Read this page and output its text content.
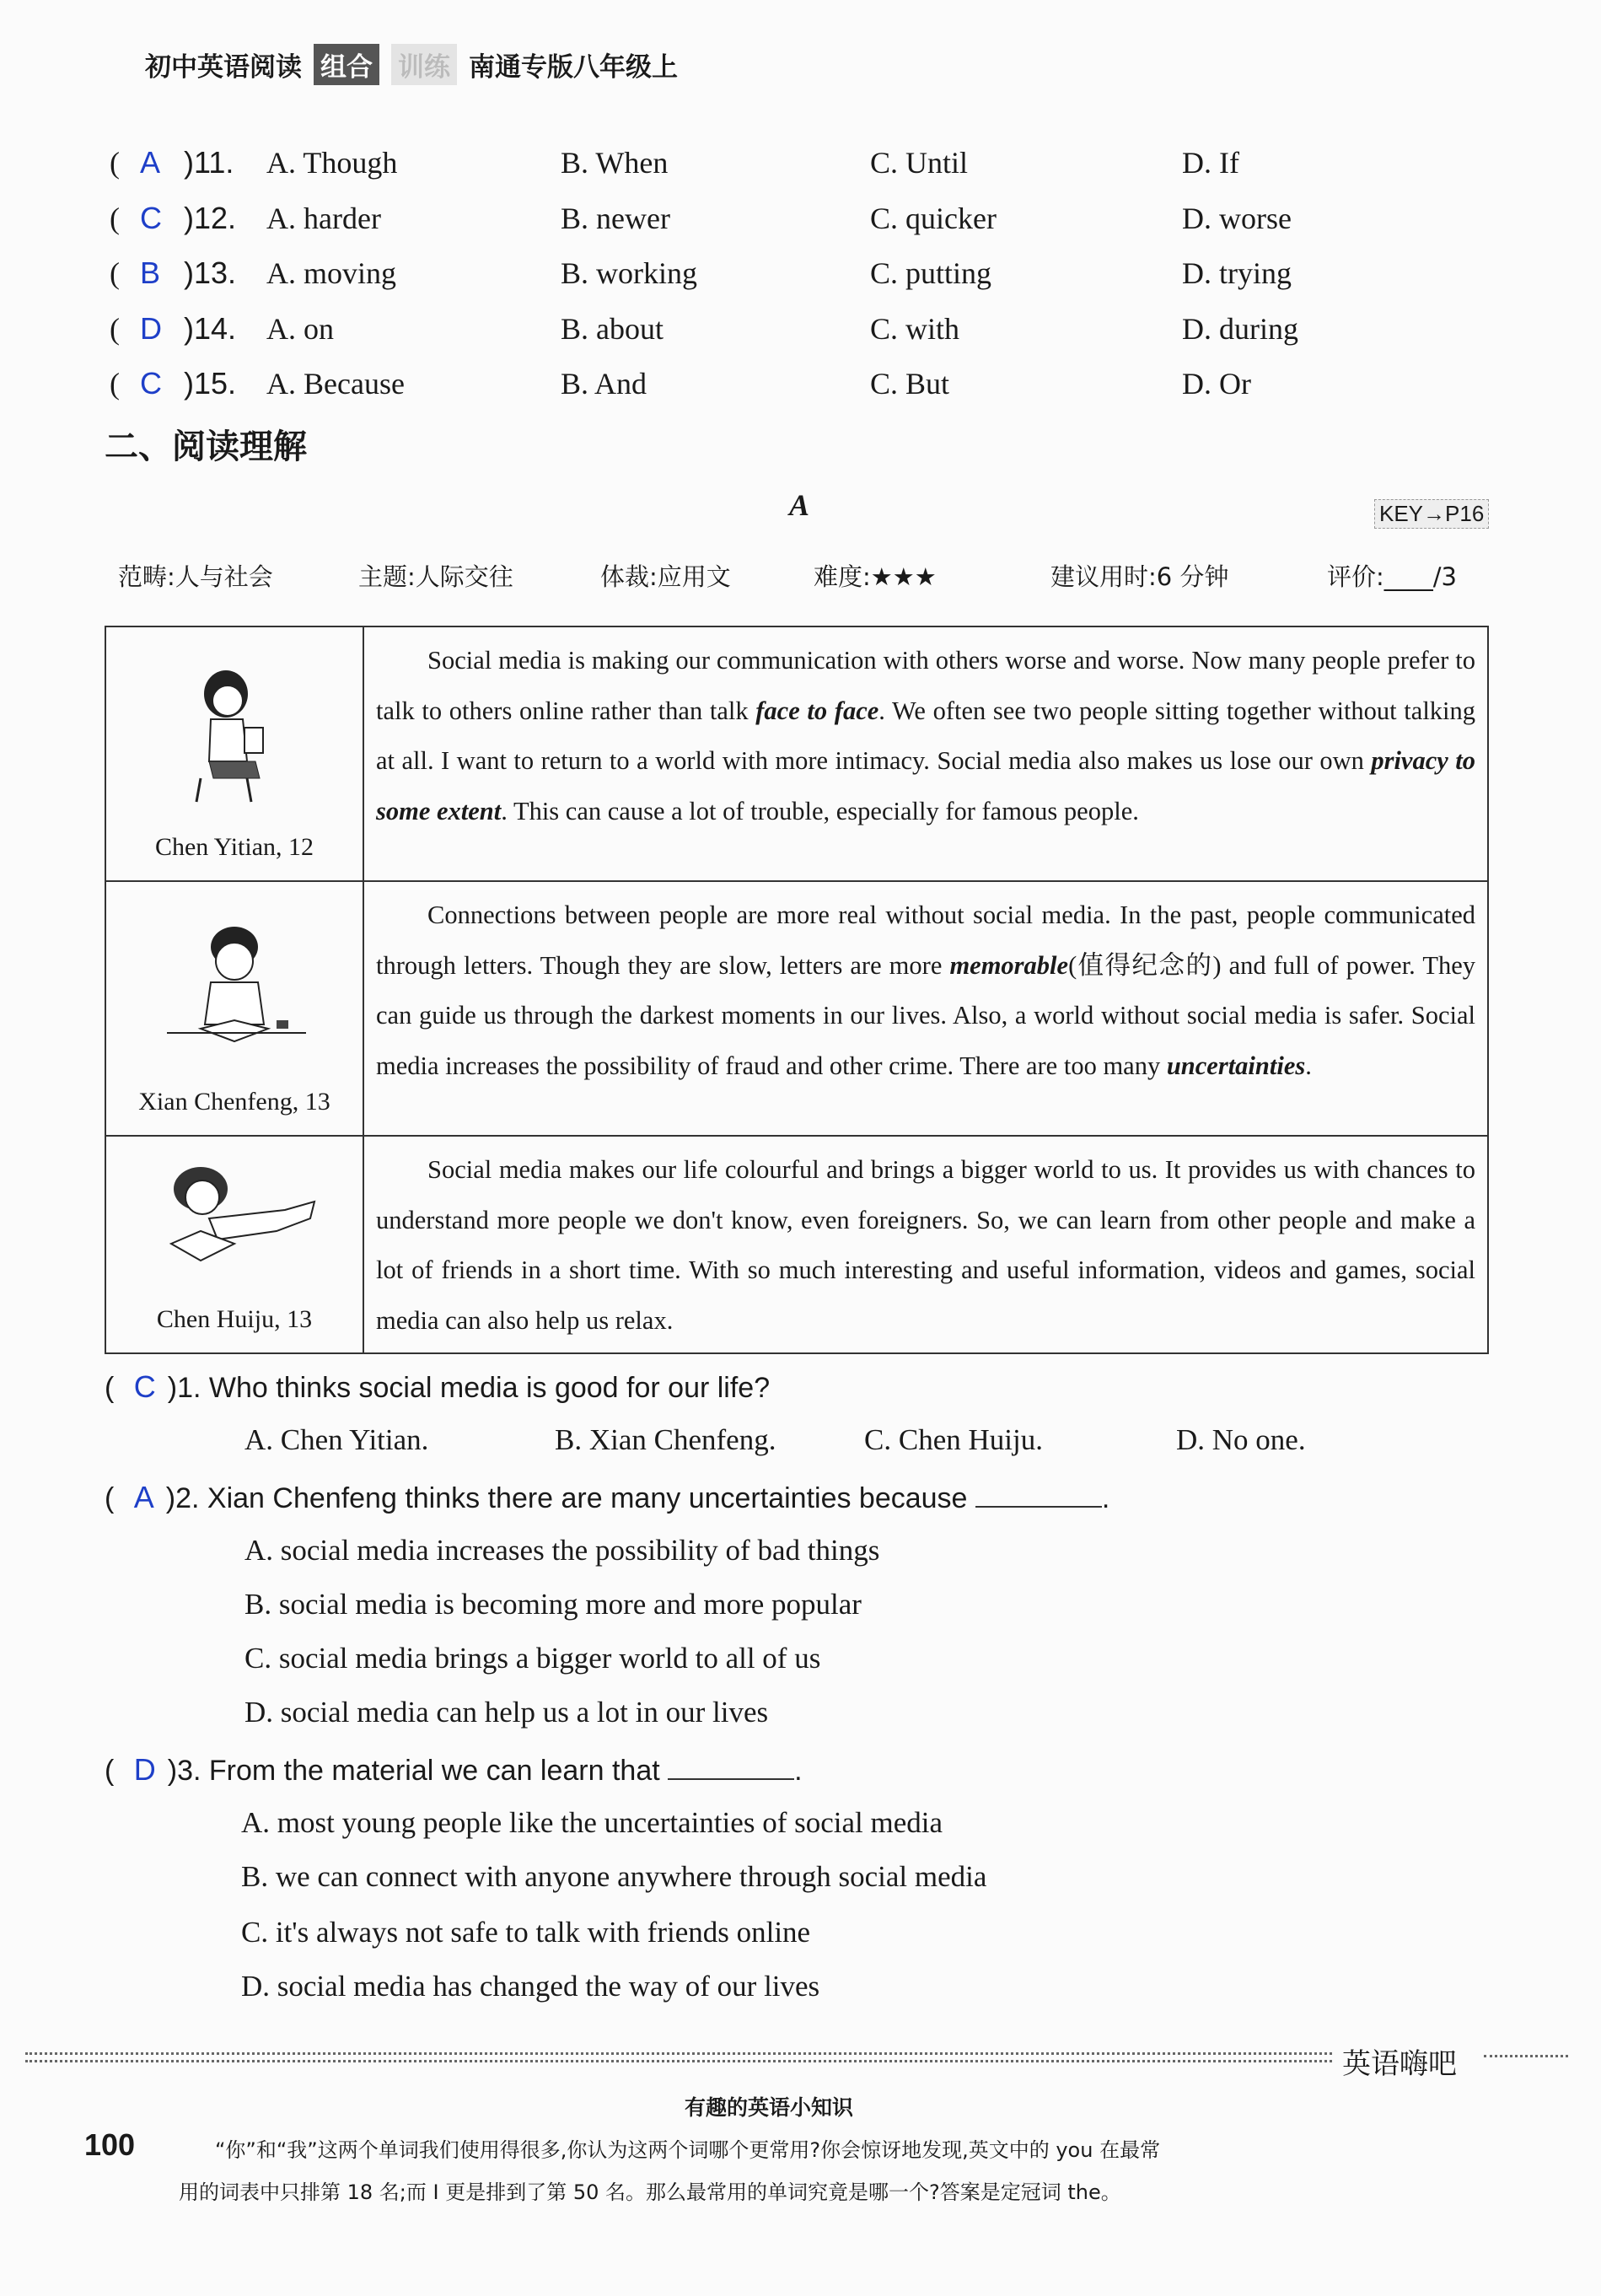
初中英语阅读 组合 训练 南通专版八年级上
( A )11. A. Though	B. When	C. Until	D. If
( C )12. A. harder	B. newer	C. quicker	D. worse
( B )13. A. moving	B. working	C. putting	D. trying
( D )14. A. on	B. about	C. with	D. during
( C )15. A. Because	B. And	C. But	D. Or
二、阅读理解
A	KEY→P16
范畴:人与社会	主题:人际交往	体裁:应用文	难度:★★★	建议用时:6 分钟	评价:____/3
Chen Yitian, 12	Social media is making our communication with others worse and worse. Now many people prefer to talk to others online rather than talk face to face. We often see two people sitting together without talking at all. I want to return to a world with more intimacy. Social media also makes us lose our own privacy to some extent. This can cause a lot of trouble, especially for famous people.

Xian Chenfeng, 13	Connections between people are more real without social media. In the past, people communicated through letters. Though they are slow, letters are more memorable(值得纪念的) and full of power. They can guide us through the darkest moments in our lives. Also, a world without social media is safer. Social media increases the possibility of fraud and other crime. There are too many uncertainties.

Chen Huiju, 13	Social media makes our life colourful and brings a bigger world to us. It provides us with chances to understand more people we don't know, even foreigners. So, we can learn from other people and make a lot of friends in a short time. With so much interesting and useful information, videos and games, social media can also help us relax.
( C )1. Who thinks social media is good for our life?
( A )2. Xian Chenfeng thinks there are many uncertainties because	.
( D )3. From the material we can learn that	.
A. Chen Yitian.	B. Xian Chenfeng.	C. Chen Huiju.	D. No one.
A. social media increases the possibility of bad things
B. social media is becoming more and more popular
C. social media brings a bigger world to all of us
D. social media can help us a lot in our lives
A. most young people like the uncertainties of social media
B. we can connect with anyone anywhere through social media
C. it's always not safe to talk with friends online
D. social media has changed the way of our lives
英语嗨吧
有趣的英语小知识
100	“你”和“我”这两个单词我们使用得很多,你认为这两个词哪个更常用?你会惊讶地发现,英文中的 you 在最常
用的词表中只排第 18 名;而 I 更是排到了第 50 名。那么最常用的单词究竟是哪一个?答案是定冠词 the。
